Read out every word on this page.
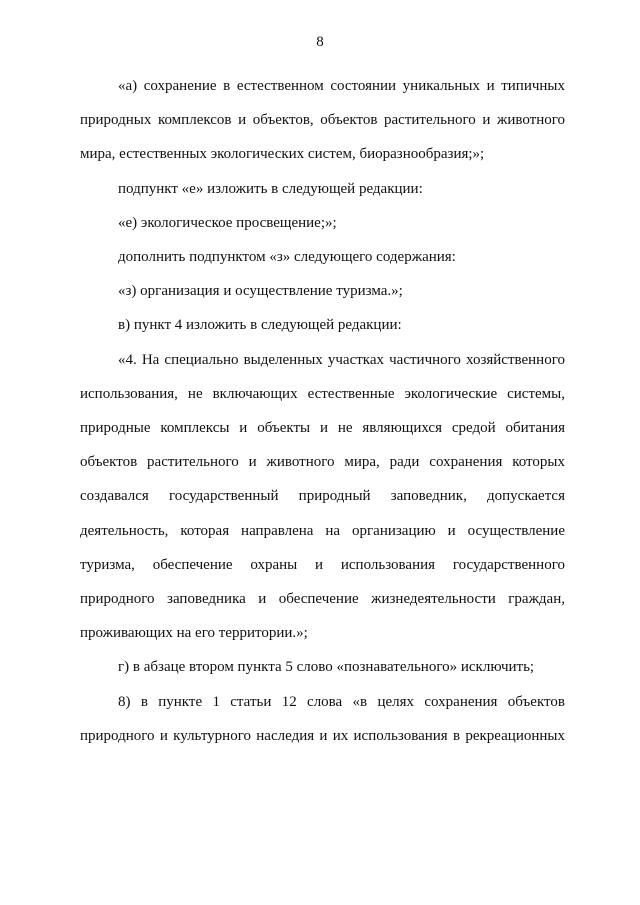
8

«а) сохранение в естественном состоянии уникальных и типичных природных комплексов и объектов, объектов растительного и животного мира, естественных экологических систем, биоразнообразия;»;

подпункт «е» изложить в следующей редакции:

«е) экологическое просвещение;»;

дополнить подпунктом «з» следующего содержания:

«з) организация и осуществление туризма.»;

в) пункт 4 изложить в следующей редакции:

«4. На специально выделенных участках частичного хозяйственного использования, не включающих естественные экологические системы, природные комплексы и объекты и не являющихся средой обитания объектов растительного и животного мира, ради сохранения которых создавался государственный природный заповедник, допускается деятельность, которая направлена на организацию и осуществление туризма, обеспечение охраны и использования государственного природного заповедника и обеспечение жизнедеятельности граждан, проживающих на его территории.»;

г) в абзаце втором пункта 5 слово «познавательного» исключить;

8) в пункте 1 статьи 12 слова «в целях сохранения объектов природного и культурного наследия и их использования в рекреационных
